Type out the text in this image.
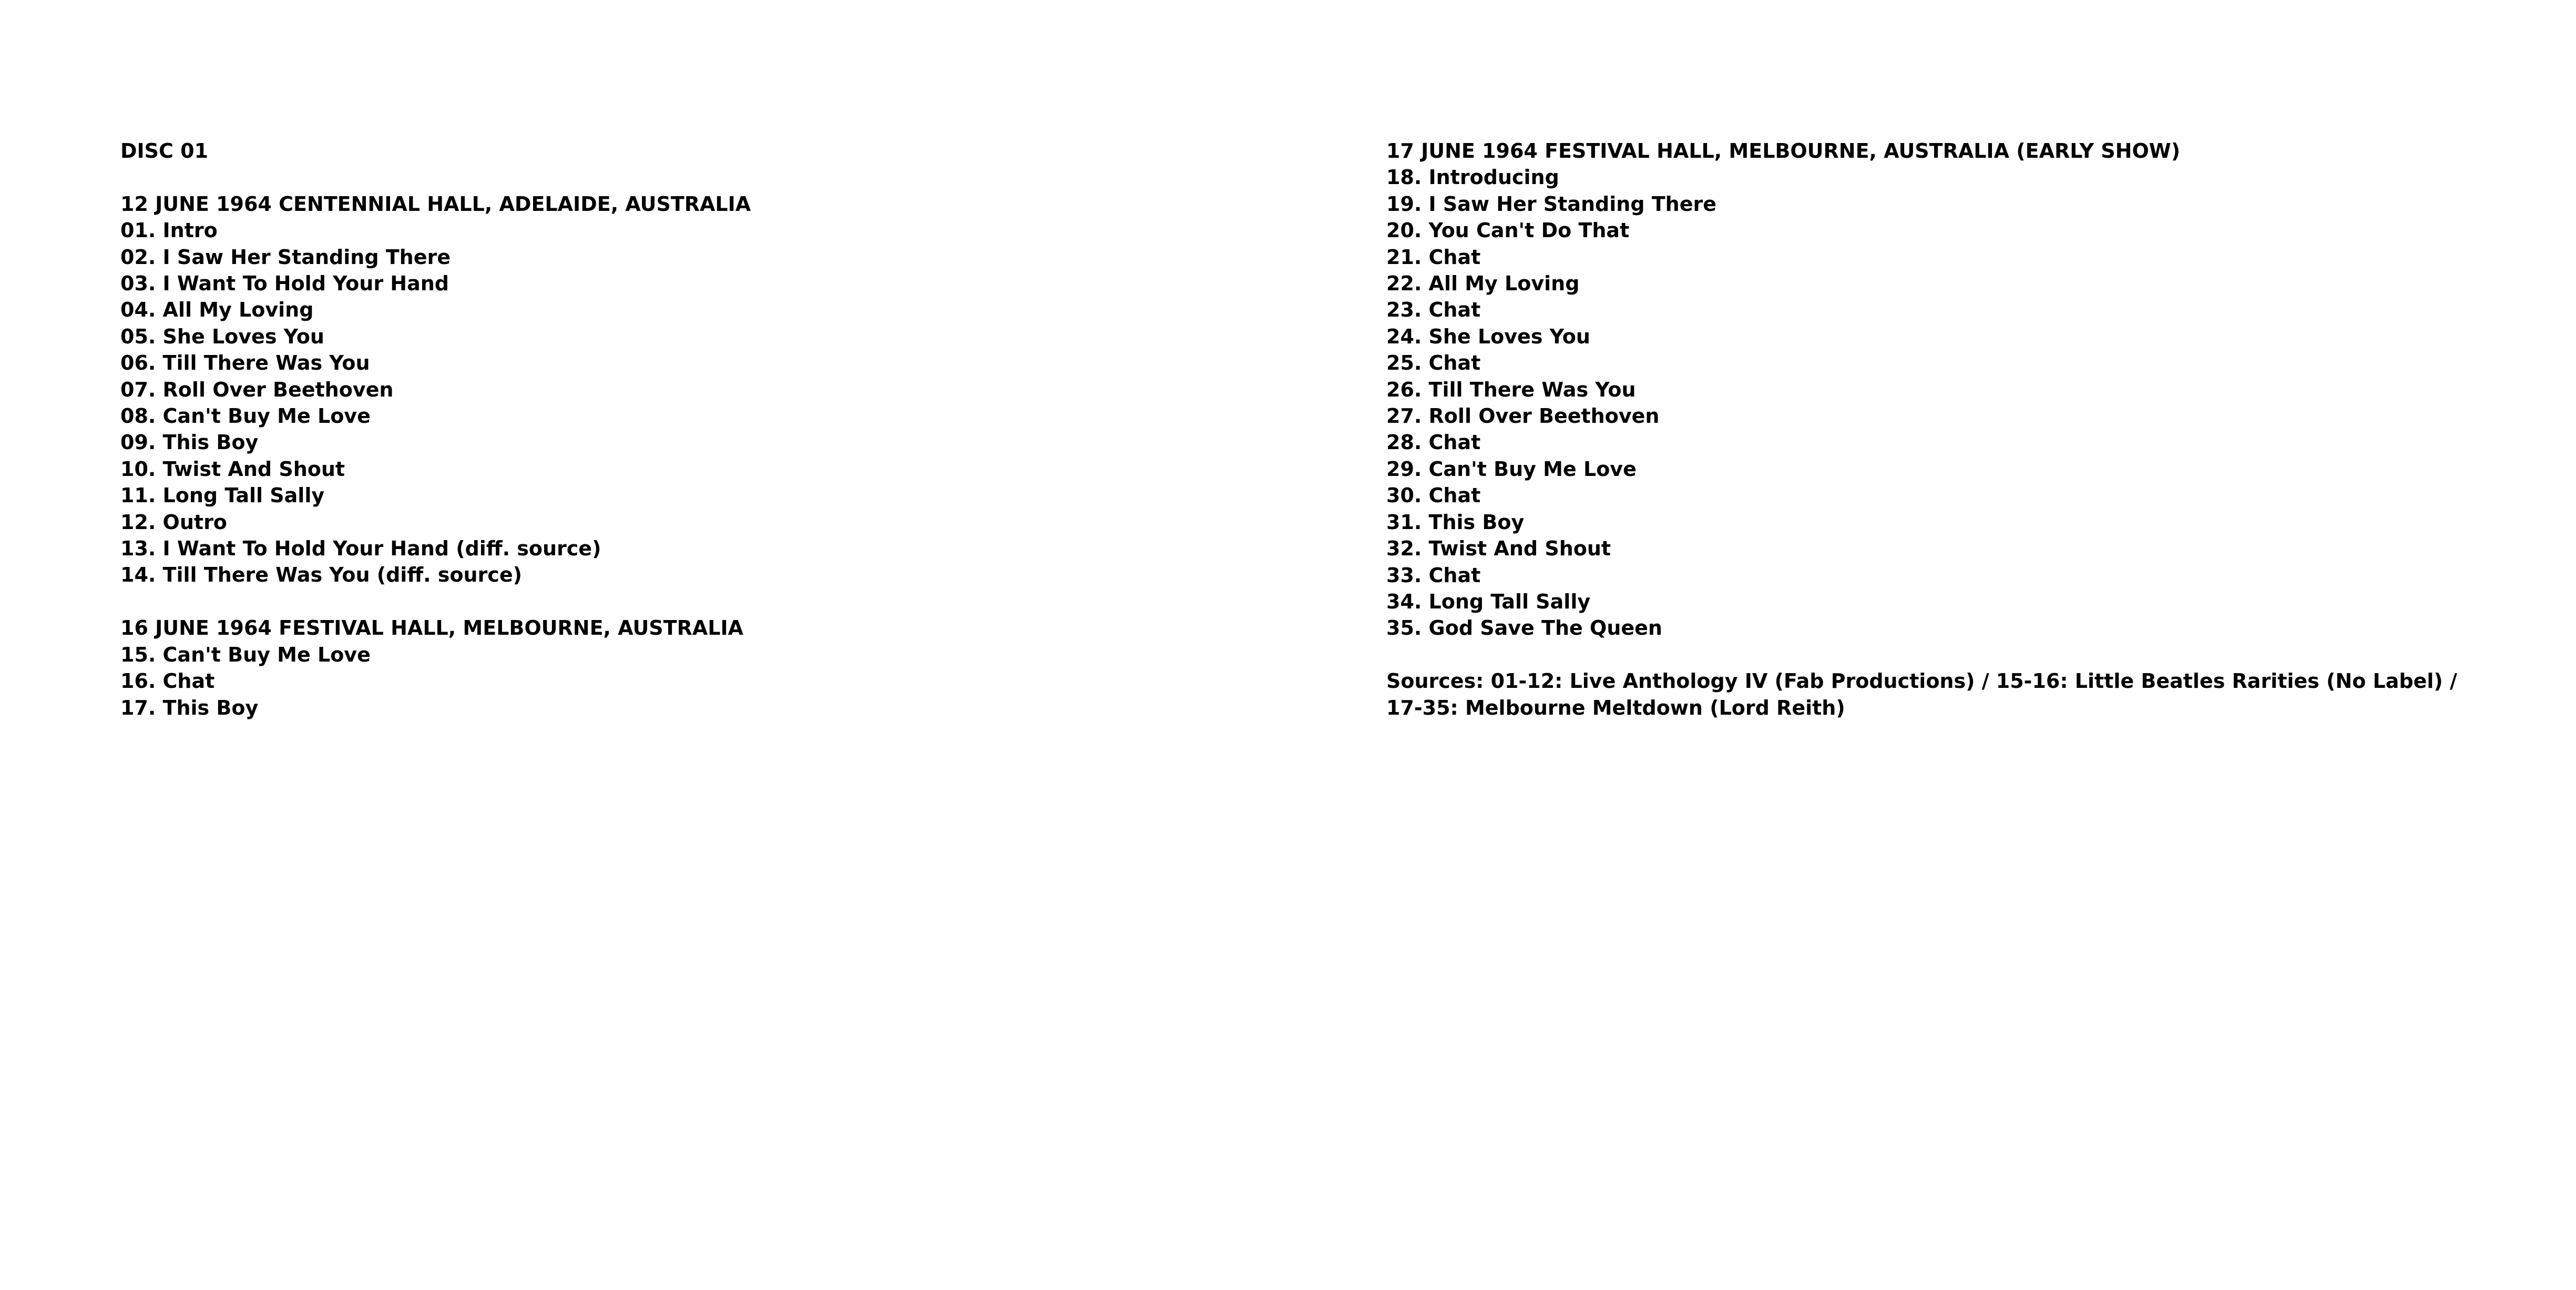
DISC 01
12 JUNE 1964 CENTENNIAL HALL, ADELAIDE, AUSTRALIA
01. Intro
02. I Saw Her Standing There
03. I Want To Hold Your Hand
04. All My Loving
05. She Loves You
06. Till There Was You
07. Roll Over Beethoven
08. Can't Buy Me Love
09. This Boy
10. Twist And Shout
11. Long Tall Sally
12. Outro
13. I Want To Hold Your Hand (diff. source)
14. Till There Was You (diff. source)
16 JUNE 1964 FESTIVAL HALL, MELBOURNE, AUSTRALIA
15. Can't Buy Me Love
16. Chat
17. This Boy
17 JUNE 1964 FESTIVAL HALL, MELBOURNE, AUSTRALIA (EARLY SHOW)
18. Introducing
19. I Saw Her Standing There
20. You Can't Do That
21. Chat
22. All My Loving
23. Chat
24. She Loves You
25. Chat
26. Till There Was You
27. Roll Over Beethoven
28. Chat
29. Can't Buy Me Love
30. Chat
31. This Boy
32. Twist And Shout
33. Chat
34. Long Tall Sally
35. God Save The Queen
Sources: 01-12: Live Anthology IV (Fab Productions) / 15-16: Little Beatles Rarities (No Label) / 17-35: Melbourne Meltdown (Lord Reith)
